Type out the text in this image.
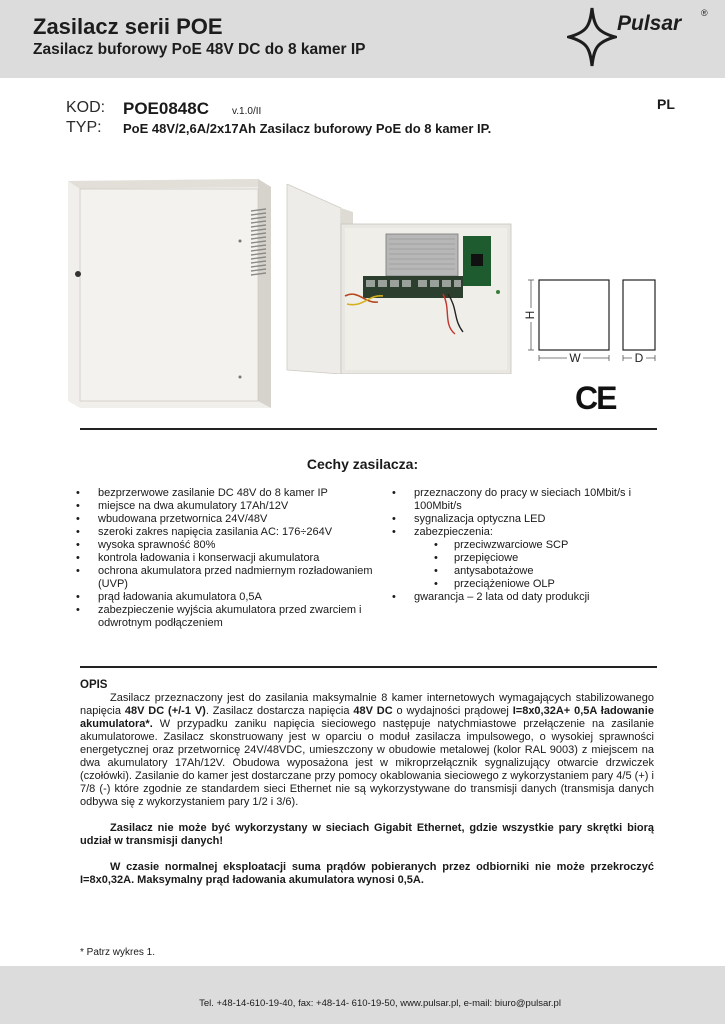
Zasilacz serii POE
Zasilacz buforowy PoE 48V DC do 8 kamer IP
Pulsar ®
KOD:
TYP:
POE0848C v.1.0/II
PoE 48V/2,6A/2x17Ah Zasilacz buforowy PoE do 8 kamer IP.
PL
H
W	D
CE
Cechy zasilacza:
• bezprzerwowe zasilanie DC 48V do 8 kamer IP
• miejsce na dwa akumulatory 17Ah/12V
• wbudowana przetwornica 24V/48V
• szeroki zakres napięcia zasilania AC: 176÷264V
• wysoka sprawność 80%
• kontrola ładowania i konserwacji akumulatora
• ochrona akumulatora przed nadmiernym rozładowaniem (UVP)
• prąd ładowania akumulatora 0,5A
• zabezpieczenie wyjścia akumulatora przed zwarciem i odwrotnym podłączeniem
• przeznaczony do pracy w sieciach 10Mbit/s i 100Mbit/s
• sygnalizacja optyczna LED
• zabezpieczenia:
• przeciwzwarciowe SCP
• przepięciowe
• antysabotażowe
• przeciążeniowe OLP
• gwarancja – 2 lata od daty produkcji
OPIS

Zasilacz przeznaczony jest do zasilania maksymalnie 8 kamer internetowych wymagających stabilizowanego napięcia 48V DC (+/-1 V). Zasilacz dostarcza napięcia 48V DC o wydajności prądowej I=8x0,32A+ 0,5A ładowanie akumulatora*. W przypadku zaniku napięcia sieciowego następuje natychmiastowe przełączenie na zasilanie akumulatorowe. Zasilacz skonstruowany jest w oparciu o moduł zasilacza impulsowego, o wysokiej sprawności energetycznej oraz przetwornicę 24V/48VDC, umieszczony w obudowie metalowej (kolor RAL 9003) z miejscem na dwa akumulatory 17Ah/12V. Obudowa wyposażona jest w mikroprzełącznik sygnalizujący otwarcie drzwiczek (czołówki). Zasilanie do kamer jest dostarczane przy pomocy okablowania sieciowego z wykorzystaniem pary 4/5 (+) i 7/8 (-) które zgodnie ze standardem sieci Ethernet nie są wykorzystywane do transmisji danych (transmisja danych odbywa się z wykorzystaniem pary 1/2 i 3/6).

Zasilacz nie może być wykorzystany w sieciach Gigabit Ethernet, gdzie wszystkie pary skrętki biorą udział w transmisji danych!

W czasie normalnej eksploatacji suma prądów pobieranych przez odbiorniki nie może przekroczyć I=8x0,32A. Maksymalny prąd ładowania akumulatora wynosi 0,5A.

* Patrz wykres 1.
Tel. +48-14-610-19-40, fax: +48-14- 610-19-50, www.pulsar.pl, e-mail: biuro@pulsar.pl
